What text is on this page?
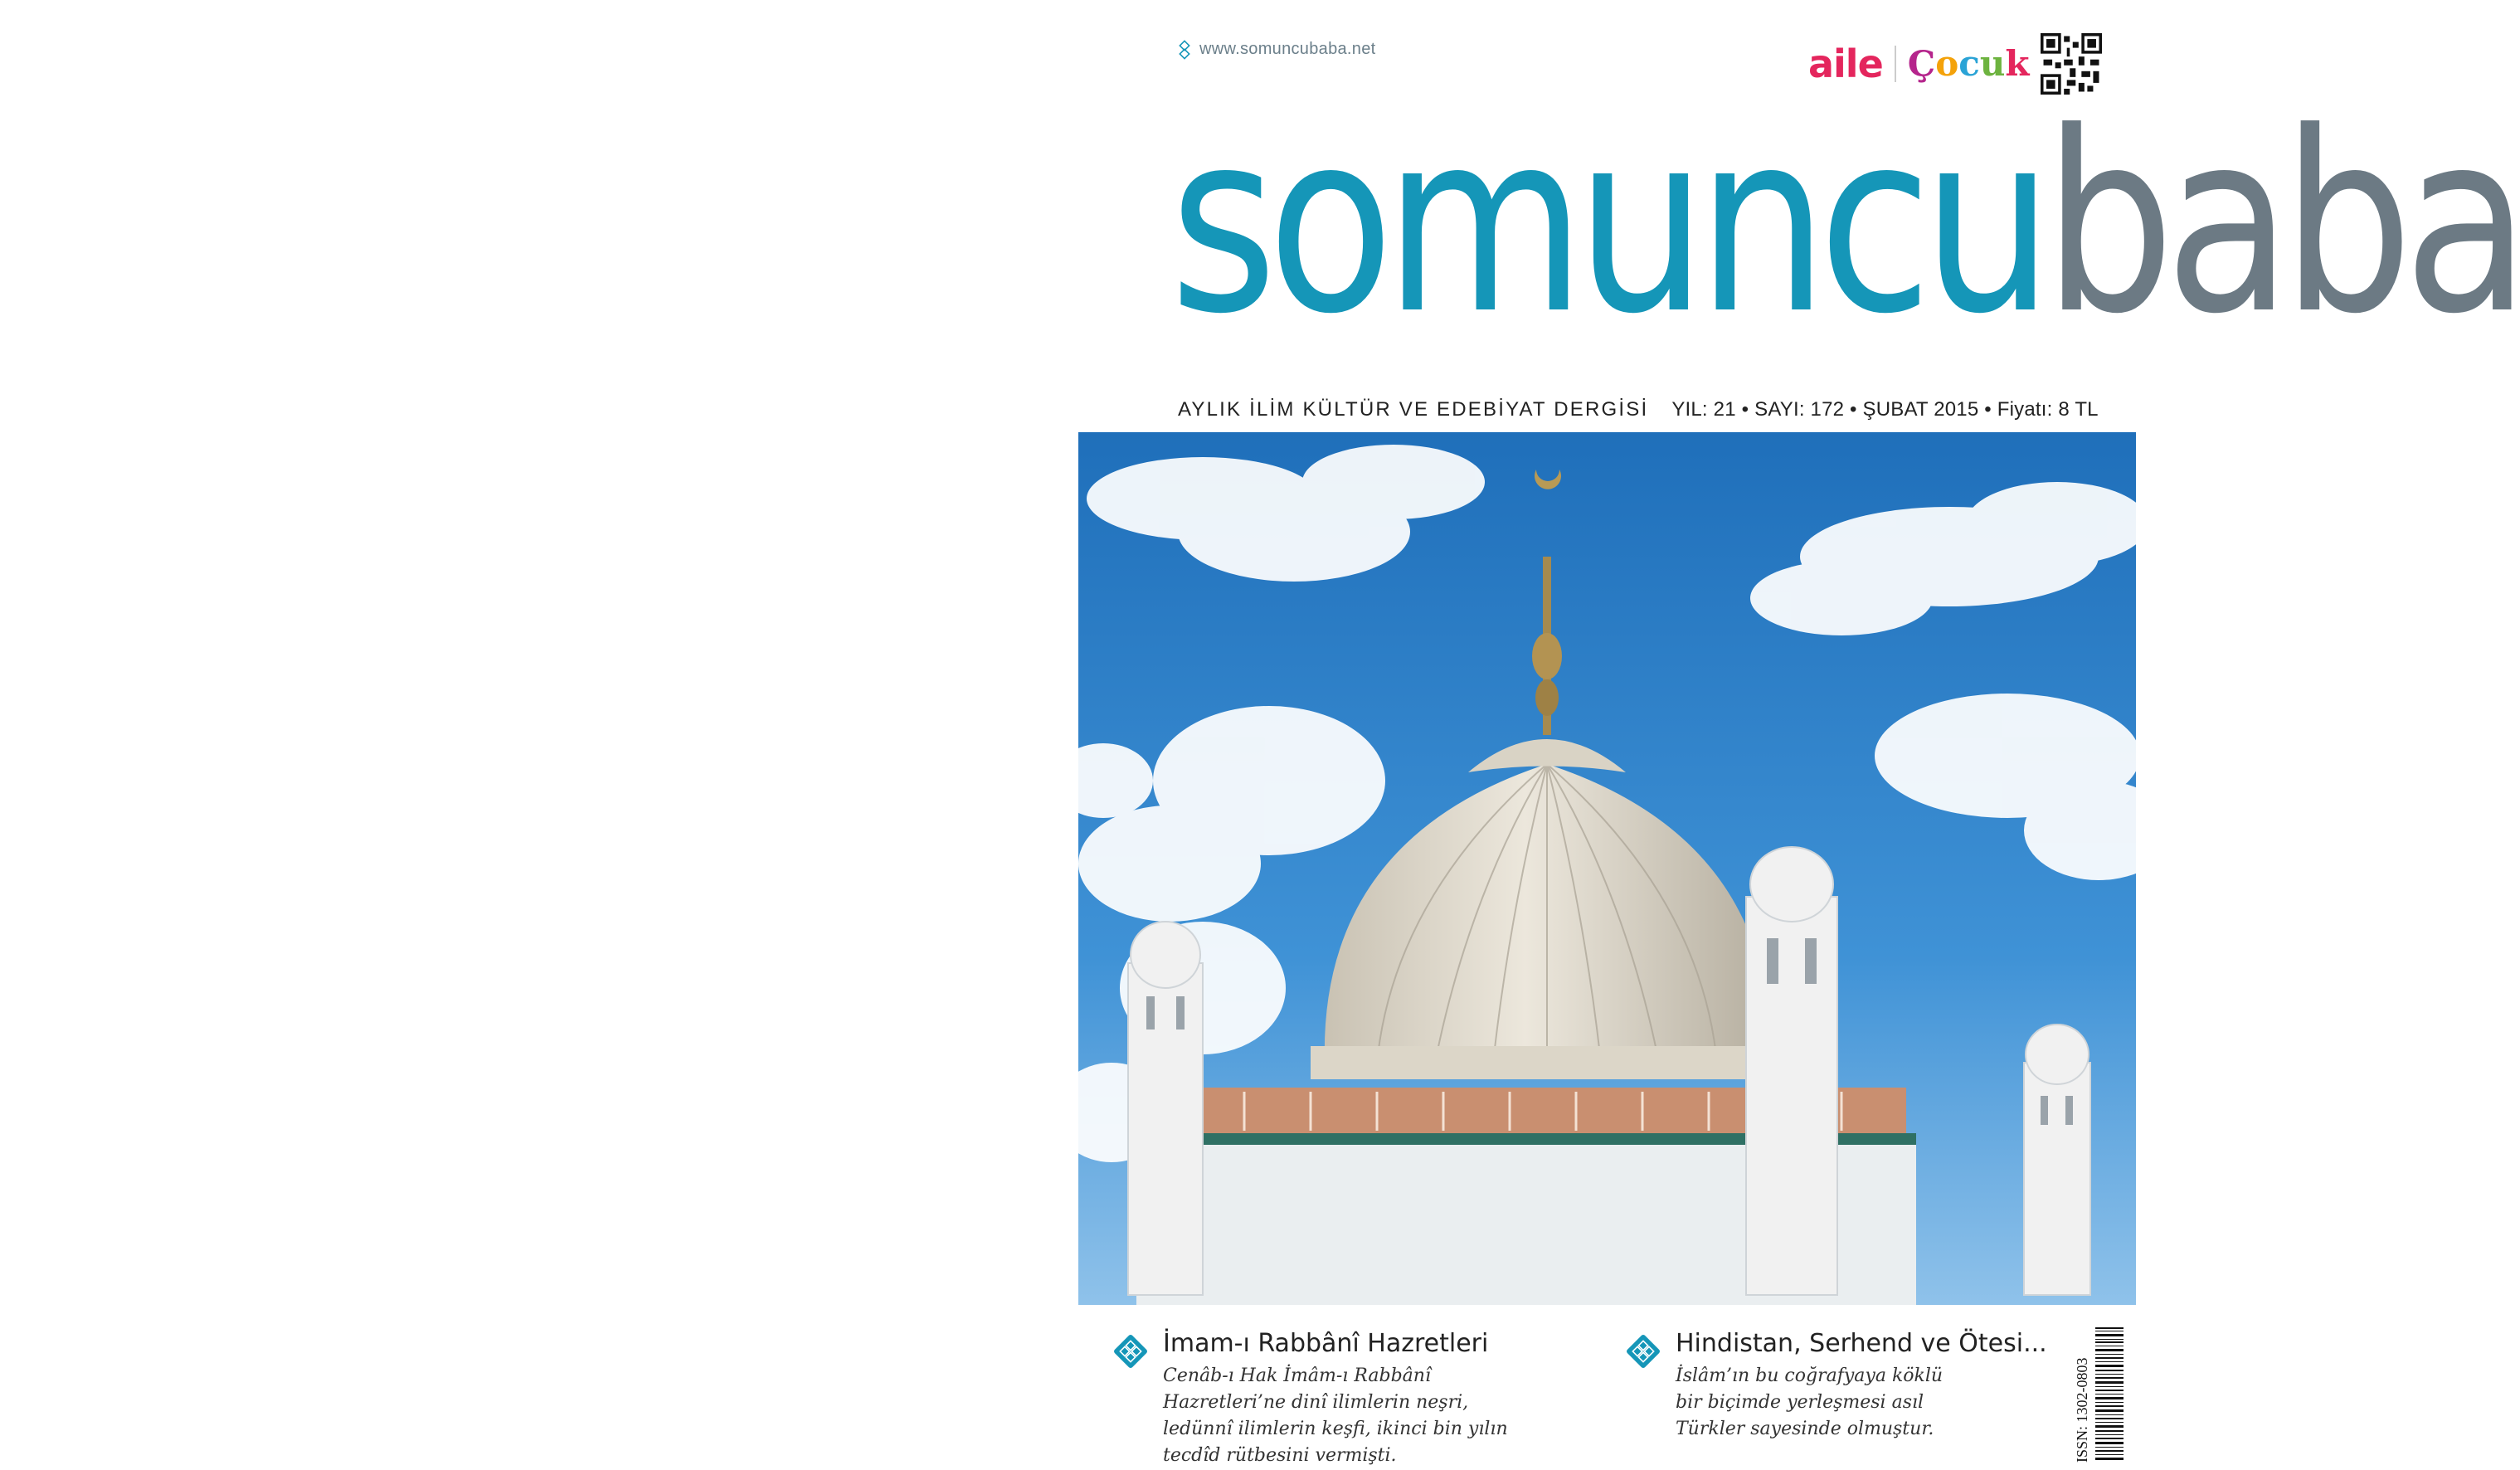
www.somuncubaba.net	aile Çocuk
somuncubaba
AYLIK İLİM KÜLTÜR VE EDEBİYAT DERGİSİ YIL: 21 • SAYI: 172 • ŞUBAT 2015 • Fiyatı: 8 TL
İmam-ı Rabbânî Hazretleri

Cenâb-ı Hak İmâm-ı Rabbânî Hazretleri’ne dinî ilimlerin neşri, ledünnî ilimlerin keşfi, ikinci bin yılın tecdîd rütbesini vermişti.

Hindistan, Serhend ve Ötesi...

İslâm’ın bu coğrafyaya köklü bir biçimde yerleşmesi asıl Türkler sayesinde olmuştur.	ISSN: 1302-0803
